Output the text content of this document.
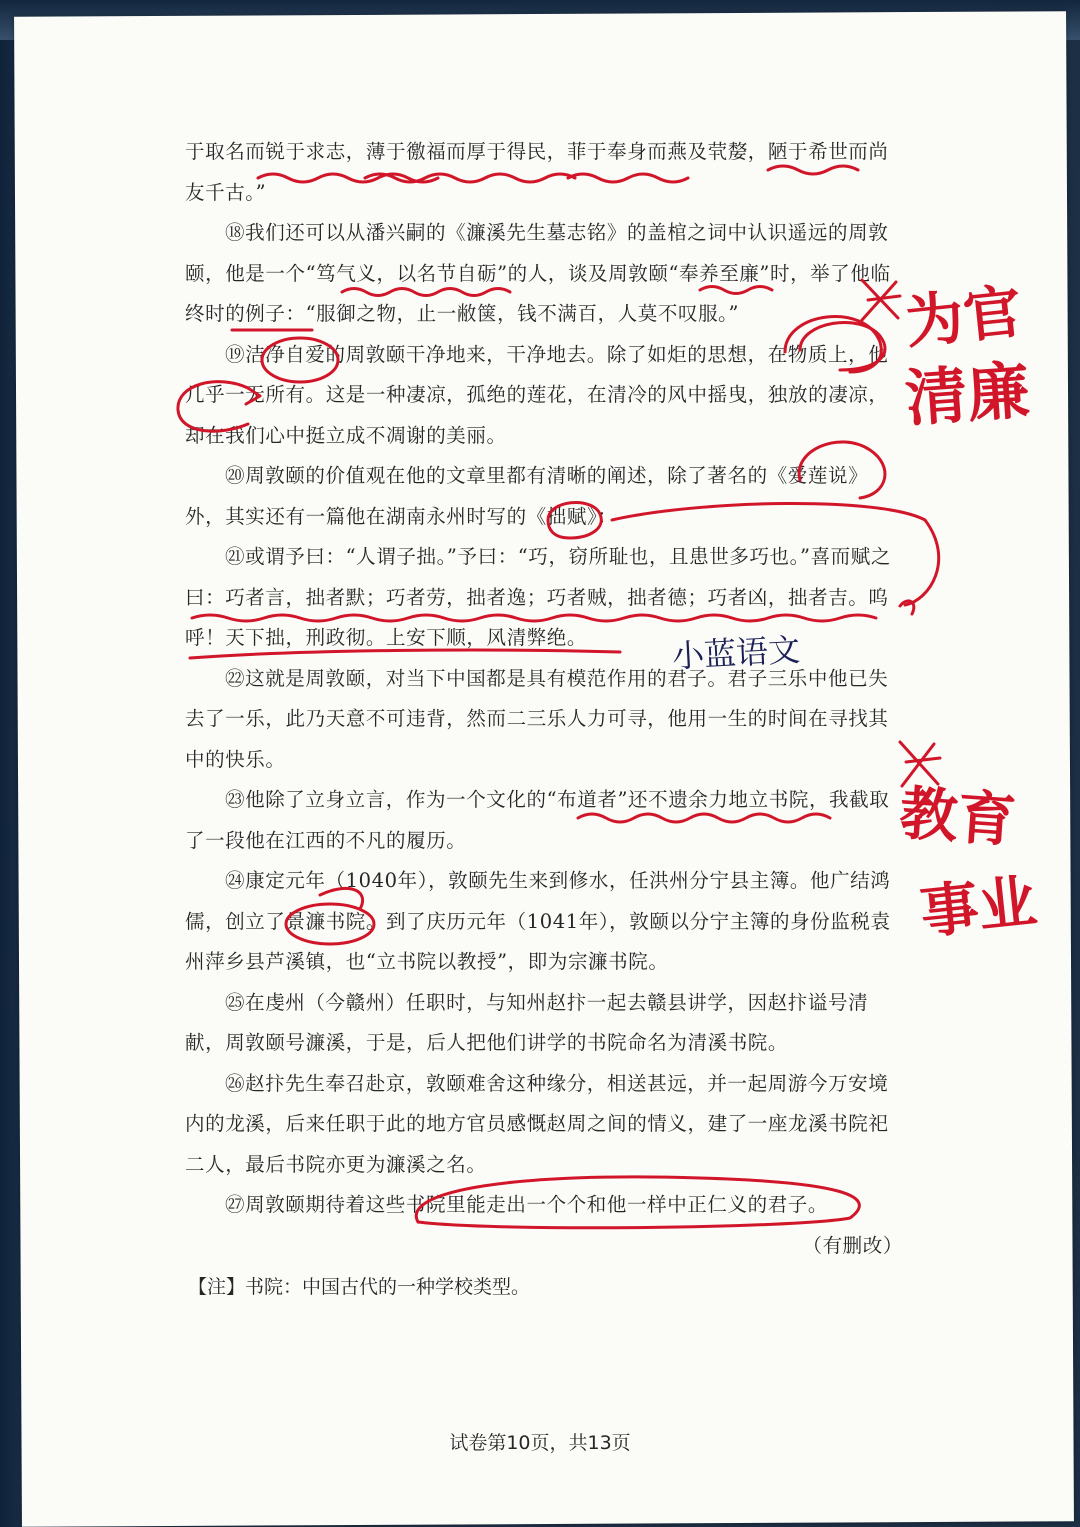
于取名而锐于求志，薄于徼福而厚于得民，菲于奉身而燕及茕嫠，陋于希世而尚友千古。”

⑱我们还可以从潘兴嗣的《濂溪先生墓志铭》的盖棺之词中认识遥远的周敦颐，他是一个“笃气义，以名节自砺”的人，谈及周敦颐“奉养至廉”时，举了他临终时的例子：“服御之物，止一敝箧，钱不满百，人莫不叹服。”

⑲洁净自爱的周敦颐干净地来，干净地去。除了如炬的思想，在物质上，他几乎一无所有。这是一种凄凉，孤绝的莲花，在清冷的风中摇曳，独放的凄凉，却在我们心中挺立成不凋谢的美丽。

⑳周敦颐的价值观在他的文章里都有清晰的阐述，除了著名的《爱莲说》外，其实还有一篇他在湖南永州时写的《拙赋》：

㉑或谓予曰：“人谓子拙。”予曰：“巧，窃所耻也，且患世多巧也。”喜而赋之曰：巧者言，拙者默；巧者劳，拙者逸；巧者贼，拙者德；巧者凶，拙者吉。呜呼！天下拙，刑政彻。上安下顺，风清弊绝。

㉒这就是周敦颐，对当下中国都是具有模范作用的君子。君子三乐中他已失去了一乐，此乃天意不可违背，然而二三乐人力可寻，他用一生的时间在寻找其中的快乐。

㉓他除了立身立言，作为一个文化的“布道者”还不遗余力地立书院，我截取了一段他在江西的不凡的履历。

㉔康定元年（1040年），敦颐先生来到修水，任洪州分宁县主簿。他广结鸿儒，创立了景濂书院。到了庆历元年（1041年），敦颐以分宁主簿的身份监税袁州萍乡县芦溪镇，也“立书院以教授”，即为宗濂书院。

㉕在虔州（今赣州）任职时，与知州赵抃一起去赣县讲学，因赵抃谥号清献，周敦颐号濂溪，于是，后人把他们讲学的书院命名为清溪书院。

㉖赵抃先生奉召赴京，敦颐难舍这种缘分，相送甚远，并一起周游今万安境内的龙溪，后来任职于此的地方官员感慨赵周之间的情义，建了一座龙溪书院祀二人，最后书院亦更为濂溪之名。

㉗周敦颐期待着这些书院里能走出一个个和他一样中正仁义的君子。

（有删改）

【注】书院：中国古代的一种学校类型。
试卷第10页，共13页
为官
清廉
教育
事业
小蓝语文
